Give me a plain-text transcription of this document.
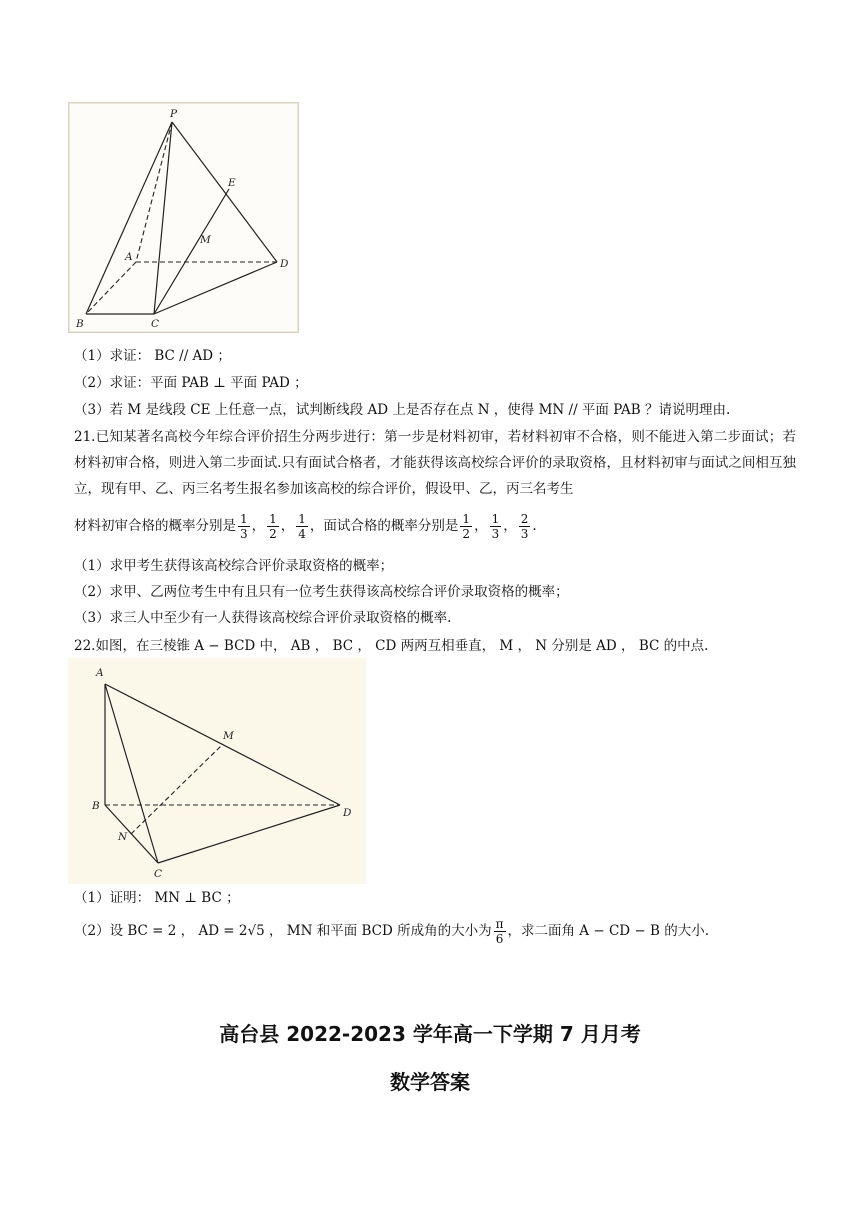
P
E
M
A
D
B	C
（1）求证： BC // AD ；
（2）求证：平面 PAB ⊥ 平面 PAD ；
（3）若 M 是线段 CE 上任意一点，试判断线段 AD 上是否存在点 N ，使得 MN // 平面 PAB ？请说明理由.
21.已知某著名高校今年综合评价招生分两步进行：第一步是材料初审，若材料初审不合格，则不能进入第二步面试；若材料初审合格，则进入第二步面试.只有面试合格者，才能获得该高校综合评价的录取资格，且材料初审与面试之间相互独立，现有甲、乙、丙三名考生报名参加该高校的综合评价，假设甲、乙，丙三名考生
材料初审合格的概率分别是 $\frac{1}{3}$ ， $\frac{1}{2}$ ， $\frac{1}{4}$ ，面试合格的概率分别是 $\frac{1}{2}$ ， $\frac{1}{3}$ ， $\frac{2}{3}$ .
（1）求甲考生获得该高校综合评价录取资格的概率；
（2）求甲、乙两位考生中有且只有一位考生获得该高校综合评价录取资格的概率；
（3）求三人中至少有一人获得该高校综合评价录取资格的概率.
22.如图，在三棱锥 A − BCD 中， AB ， BC ， CD 两两互相垂直， M ， N 分别是 AD ， BC 的中点.
A
M
B
D
N
C
（1）证明： MN ⊥ BC ；
（2）设 BC = 2 ， AD = 2√5 ， MN 和平面 BCD 所成角的大小为 $\frac{\pi}{6}$ ，求二面角 A − CD − B 的大小.
高台县 2022-2023 学年高一下学期 7 月月考
数学答案
